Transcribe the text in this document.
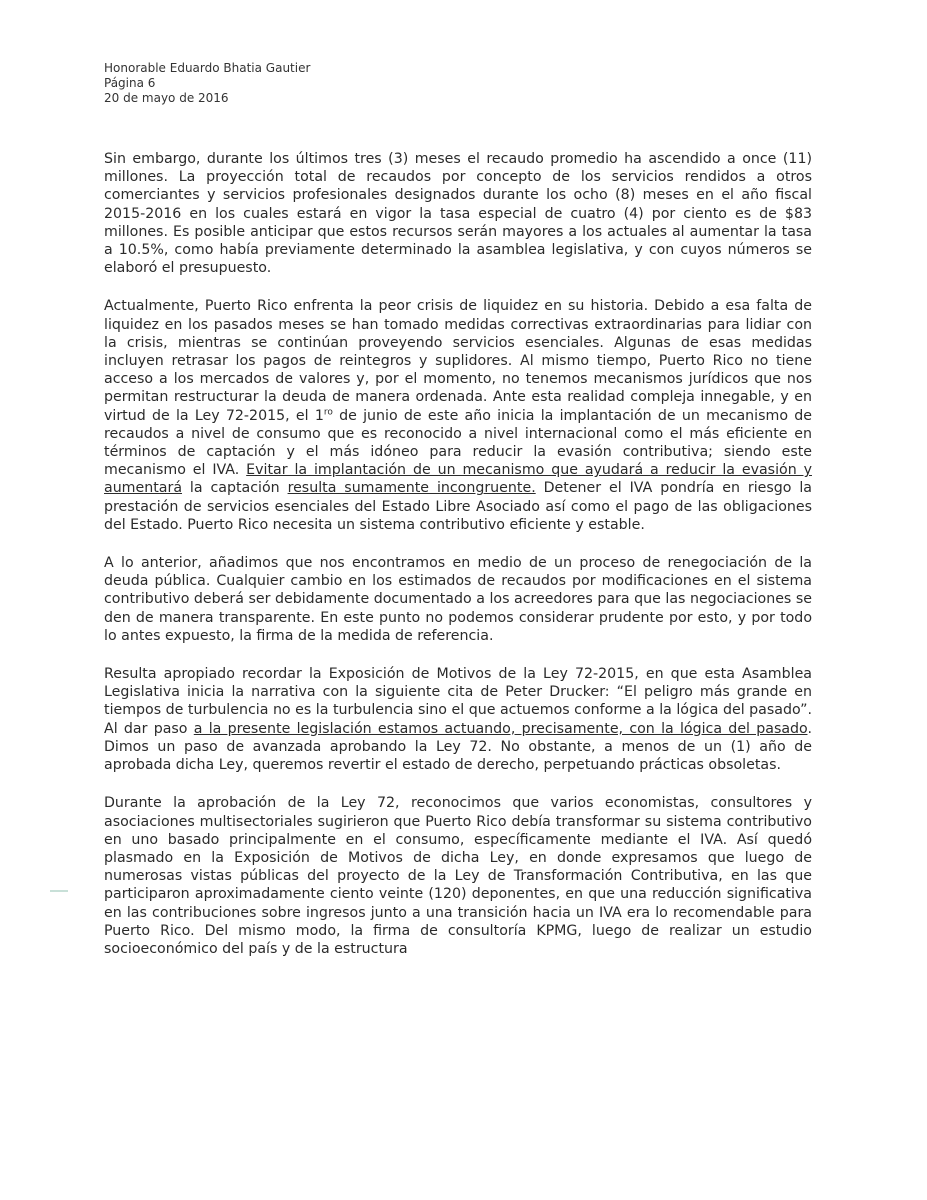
Honorable Eduardo Bhatia Gautier
Página 6
20 de mayo de 2016

Sin embargo, durante los últimos tres (3) meses el recaudo promedio ha ascendido a once (11) millones. La proyección total de recaudos por concepto de los servicios rendidos a otros comerciantes y servicios profesionales designados durante los ocho (8) meses en el año fiscal 2015-2016 en los cuales estará en vigor la tasa especial de cuatro (4) por ciento es de $83 millones. Es posible anticipar que estos recursos serán mayores a los actuales al aumentar la tasa a 10.5%, como había previamente determinado la asamblea legislativa, y con cuyos números se elaboró el presupuesto.

Actualmente, Puerto Rico enfrenta la peor crisis de liquidez en su historia. Debido a esa falta de liquidez en los pasados meses se han tomado medidas correctivas extraordinarias para lidiar con la crisis, mientras se continúan proveyendo servicios esenciales. Algunas de esas medidas incluyen retrasar los pagos de reintegros y suplidores. Al mismo tiempo, Puerto Rico no tiene acceso a los mercados de valores y, por el momento, no tenemos mecanismos jurídicos que nos permitan restructurar la deuda de manera ordenada. Ante esta realidad compleja innegable, y en virtud de la Ley 72-2015, el $1^{ro}$ de junio de este año inicia la implantación de un mecanismo de recaudos a nivel de consumo que es reconocido a nivel internacional como el más eficiente en términos de captación y el más idóneo para reducir la evasión contributiva; siendo este mecanismo el IVA. Evitar la implantación de un mecanismo que ayudará a reducir la evasión y aumentará la captación resulta sumamente incongruente. Detener el IVA pondría en riesgo la prestación de servicios esenciales del Estado Libre Asociado así como el pago de las obligaciones del Estado. Puerto Rico necesita un sistema contributivo eficiente y estable.

A lo anterior, añadimos que nos encontramos en medio de un proceso de renegociación de la deuda pública. Cualquier cambio en los estimados de recaudos por modificaciones en el sistema contributivo deberá ser debidamente documentado a los acreedores para que las negociaciones se den de manera transparente. En este punto no podemos considerar prudente por esto, y por todo lo antes expuesto, la firma de la medida de referencia.

Resulta apropiado recordar la Exposición de Motivos de la Ley 72-2015, en que esta Asamblea Legislativa inicia la narrativa con la siguiente cita de Peter Drucker: “El peligro más grande en tiempos de turbulencia no es la turbulencia sino el que actuemos conforme a la lógica del pasado”. Al dar paso a la presente legislación estamos actuando, precisamente, con la lógica del pasado. Dimos un paso de avanzada aprobando la Ley 72. No obstante, a menos de un (1) año de aprobada dicha Ley, queremos revertir el estado de derecho, perpetuando prácticas obsoletas.

Durante la aprobación de la Ley 72, reconocimos que varios economistas, consultores y asociaciones multisectoriales sugirieron que Puerto Rico debía transformar su sistema contributivo en uno basado principalmente en el consumo, específicamente mediante el IVA. Así quedó plasmado en la Exposición de Motivos de dicha Ley, en donde expresamos que luego de numerosas vistas públicas del proyecto de la Ley de Transformación Contributiva, en las que participaron aproximadamente ciento veinte (120) deponentes, en que una reducción significativa en las contribuciones sobre ingresos junto a una transición hacia un IVA era lo recomendable para Puerto Rico. Del mismo modo, la firma de consultoría KPMG, luego de realizar un estudio socioeconómico del país y de la estructura
